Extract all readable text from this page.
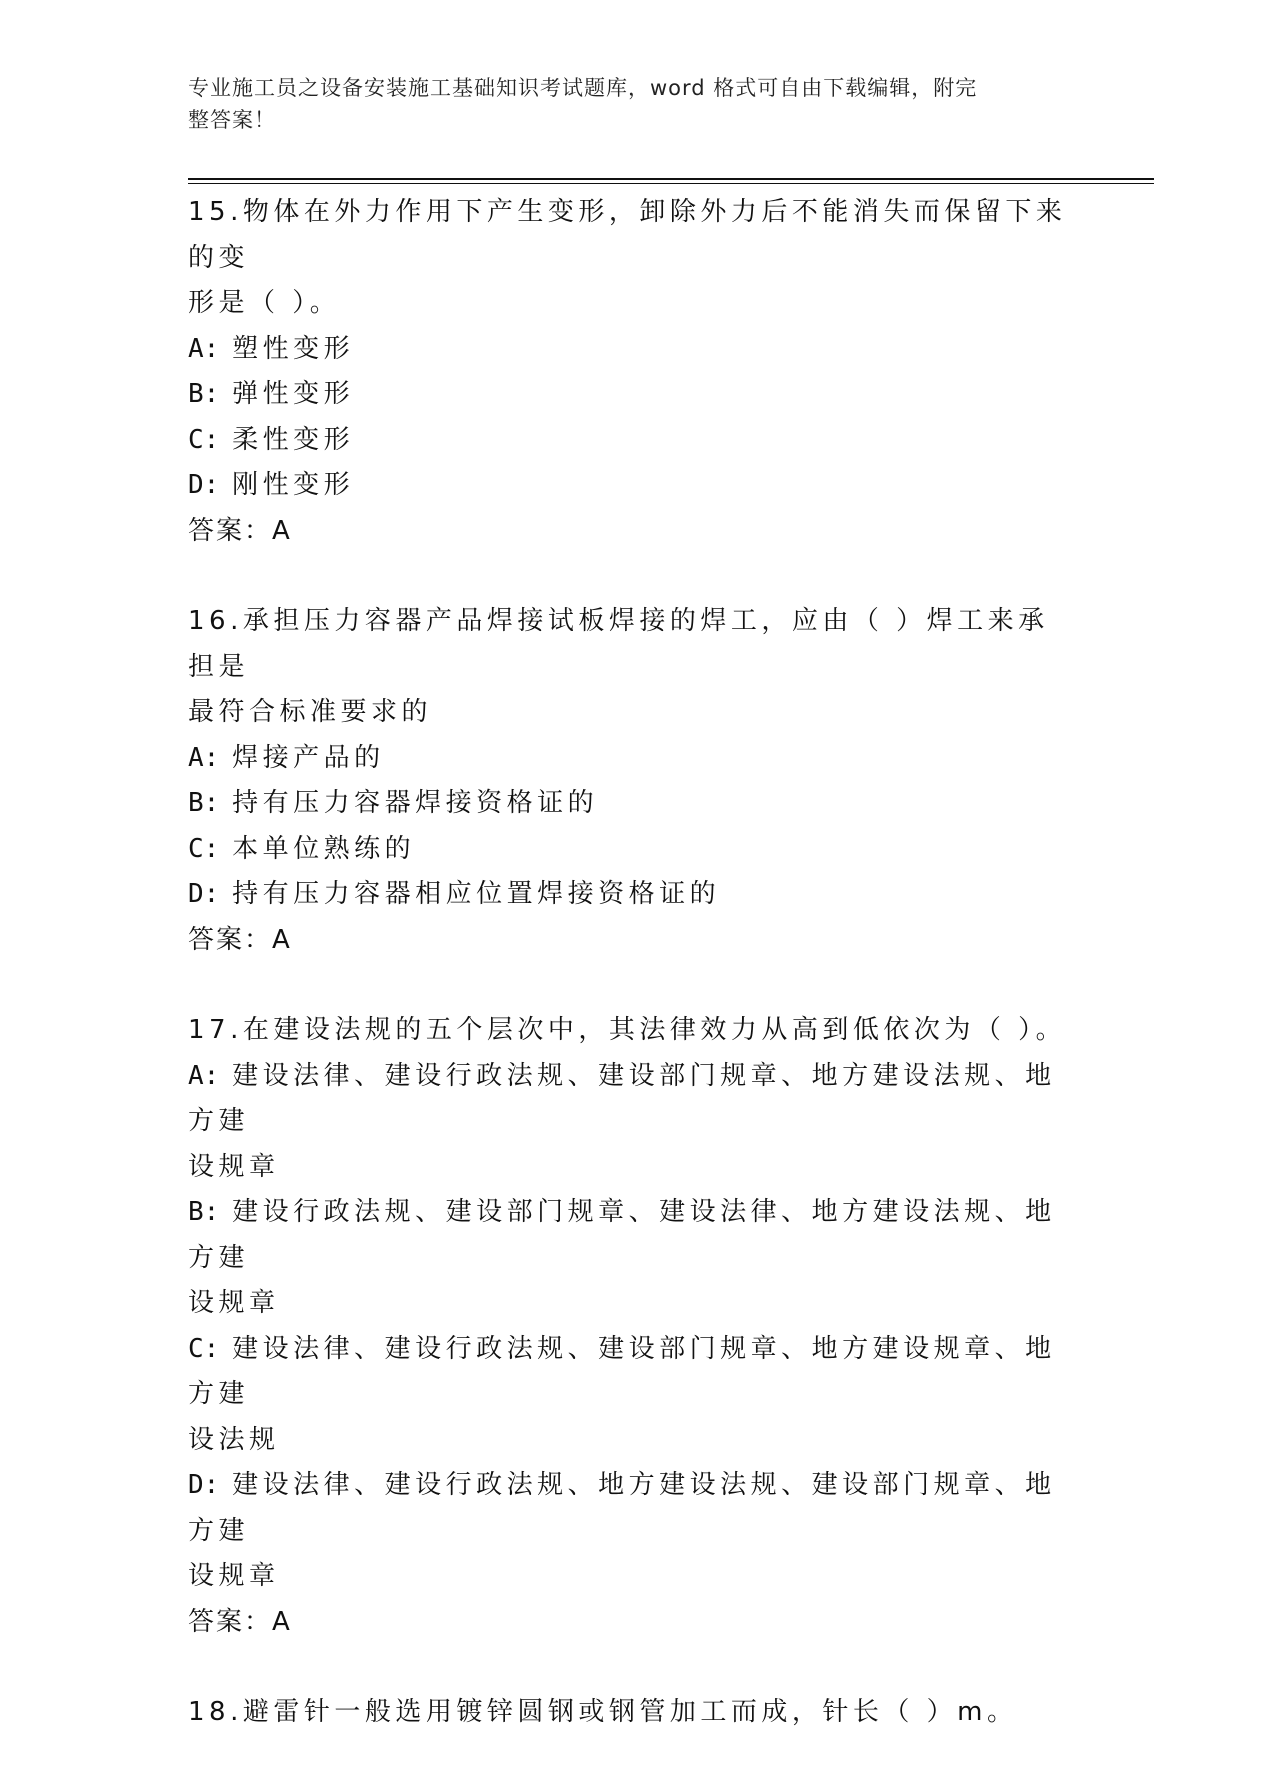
专业施工员之设备安装施工基础知识考试题库，word 格式可自由下载编辑，附完
整答案！
15.物体在外力作用下产生变形，卸除外力后不能消失而保留下来的变
形是（ ）。
A: 塑性变形
B: 弹性变形
C: 柔性变形
D: 刚性变形
答案：A
16.承担压力容器产品焊接试板焊接的焊工，应由（ ）焊工来承担是
最符合标准要求的
A: 焊接产品的
B: 持有压力容器焊接资格证的
C: 本单位熟练的
D: 持有压力容器相应位置焊接资格证的
答案：A
17.在建设法规的五个层次中，其法律效力从高到低依次为（ ）。
A: 建设法律、建设行政法规、建设部门规章、地方建设法规、地方建
设规章
B: 建设行政法规、建设部门规章、建设法律、地方建设法规、地方建
设规章
C: 建设法律、建设行政法规、建设部门规章、地方建设规章、地方建
设法规
D: 建设法律、建设行政法规、地方建设法规、建设部门规章、地方建
设规章
答案：A
18.避雷针一般选用镀锌圆钢或钢管加工而成，针长（ ）m。
